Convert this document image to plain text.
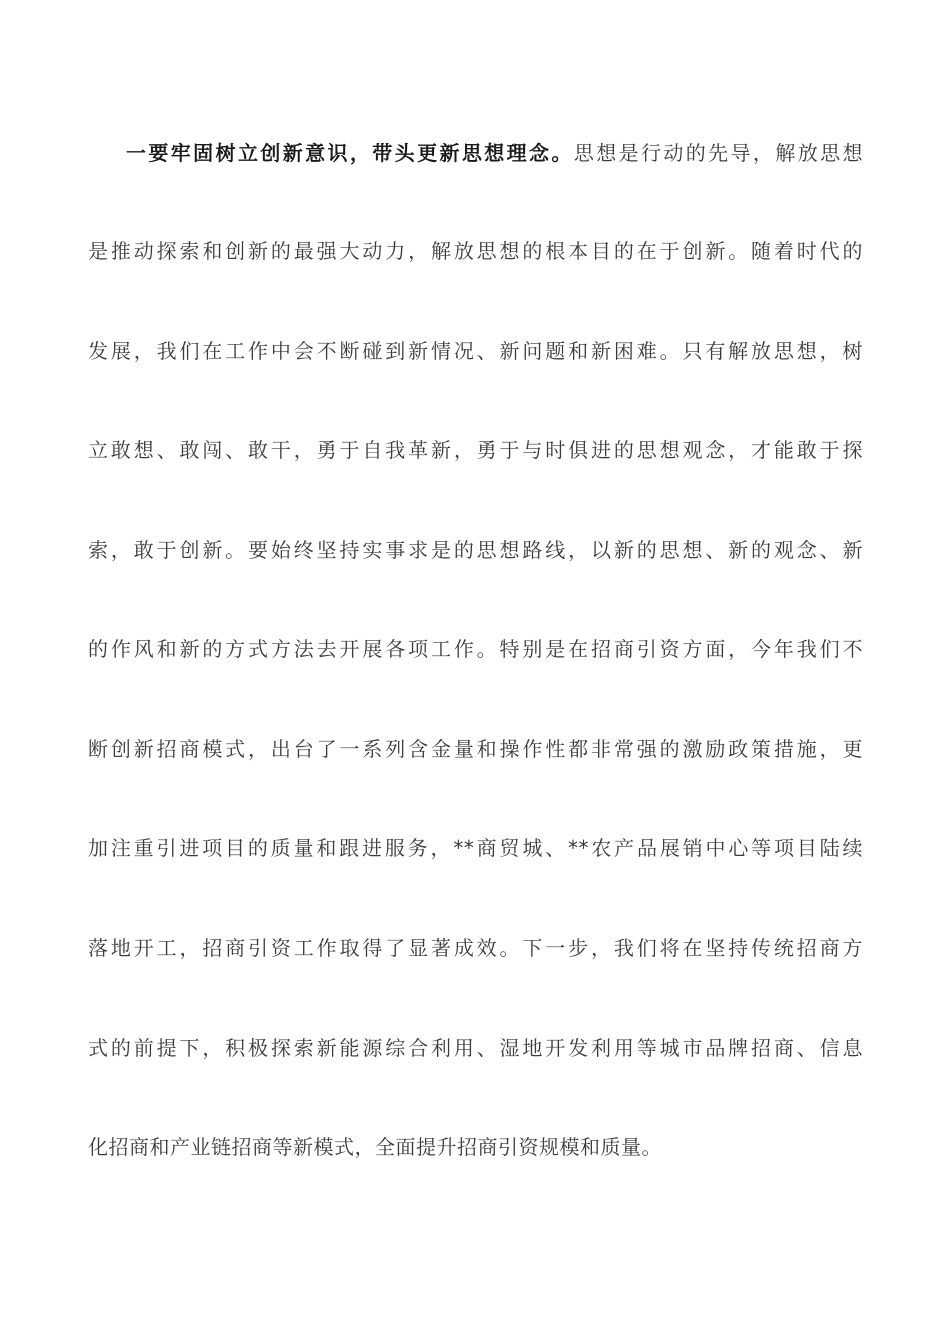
一要牢固树立创新意识，带头更新思想理念。思想是行动的先导，解放思想
是推动探索和创新的最强大动力，解放思想的根本目的在于创新。随着时代的
发展，我们在工作中会不断碰到新情况、新问题和新困难。只有解放思想，树
立敢想、敢闯、敢干，勇于自我革新，勇于与时俱进的思想观念，才能敢于探
索，敢于创新。要始终坚持实事求是的思想路线，以新的思想、新的观念、新
的作风和新的方式方法去开展各项工作。特别是在招商引资方面，今年我们不
断创新招商模式，出台了一系列含金量和操作性都非常强的激励政策措施，更
加注重引进项目的质量和跟进服务，**商贸城、**农产品展销中心等项目陆续
落地开工，招商引资工作取得了显著成效。下一步，我们将在坚持传统招商方
式的前提下，积极探索新能源综合利用、湿地开发利用等城市品牌招商、信息
化招商和产业链招商等新模式，全面提升招商引资规模和质量。
